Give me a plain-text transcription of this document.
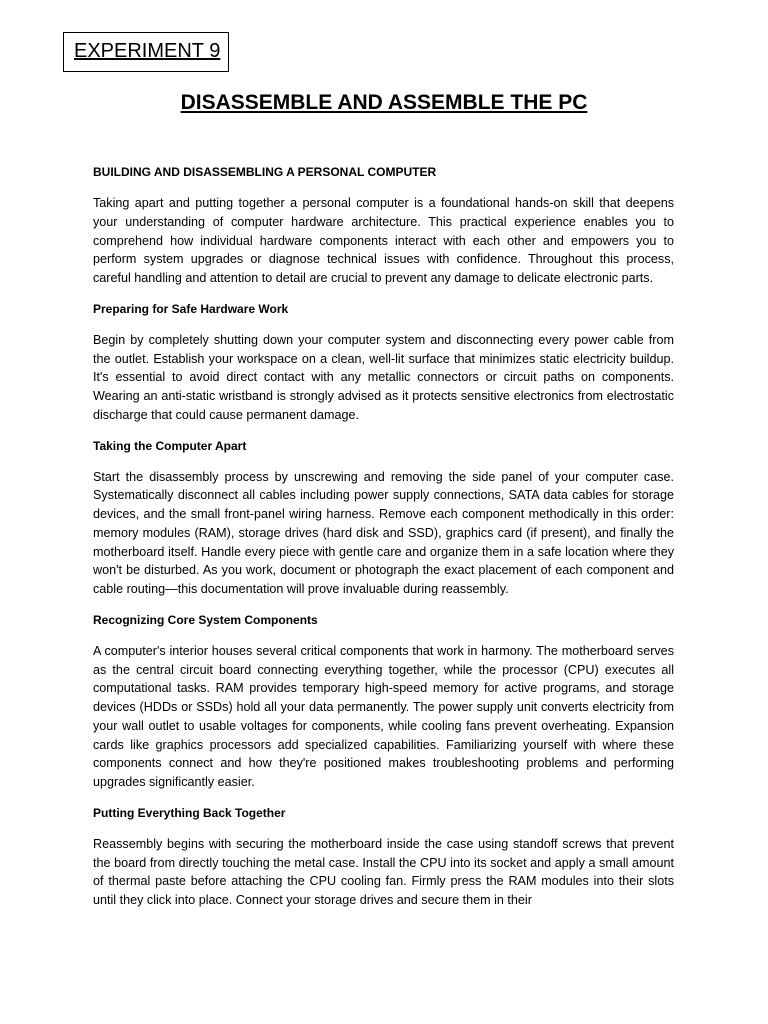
EXPERIMENT 9
DISASSEMBLE AND ASSEMBLE THE PC
BUILDING AND DISASSEMBLING A PERSONAL COMPUTER
Taking apart and putting together a personal computer is a foundational hands-on skill that deepens your understanding of computer hardware architecture. This practical experience enables you to comprehend how individual hardware components interact with each other and empowers you to perform system upgrades or diagnose technical issues with confidence. Throughout this process, careful handling and attention to detail are crucial to prevent any damage to delicate electronic parts.
Preparing for Safe Hardware Work
Begin by completely shutting down your computer system and disconnecting every power cable from the outlet. Establish your workspace on a clean, well-lit surface that minimizes static electricity buildup. It's essential to avoid direct contact with any metallic connectors or circuit paths on components. Wearing an anti-static wristband is strongly advised as it protects sensitive electronics from electrostatic discharge that could cause permanent damage.
Taking the Computer Apart
Start the disassembly process by unscrewing and removing the side panel of your computer case. Systematically disconnect all cables including power supply connections, SATA data cables for storage devices, and the small front-panel wiring harness. Remove each component methodically in this order: memory modules (RAM), storage drives (hard disk and SSD), graphics card (if present), and finally the motherboard itself. Handle every piece with gentle care and organize them in a safe location where they won't be disturbed. As you work, document or photograph the exact placement of each component and cable routing—this documentation will prove invaluable during reassembly.
Recognizing Core System Components
A computer's interior houses several critical components that work in harmony. The motherboard serves as the central circuit board connecting everything together, while the processor (CPU) executes all computational tasks. RAM provides temporary high-speed memory for active programs, and storage devices (HDDs or SSDs) hold all your data permanently. The power supply unit converts electricity from your wall outlet to usable voltages for components, while cooling fans prevent overheating. Expansion cards like graphics processors add specialized capabilities. Familiarizing yourself with where these components connect and how they're positioned makes troubleshooting problems and performing upgrades significantly easier.
Putting Everything Back Together
Reassembly begins with securing the motherboard inside the case using standoff screws that prevent the board from directly touching the metal case. Install the CPU into its socket and apply a small amount of thermal paste before attaching the CPU cooling fan. Firmly press the RAM modules into their slots until they click into place. Connect your storage drives and secure them in their
